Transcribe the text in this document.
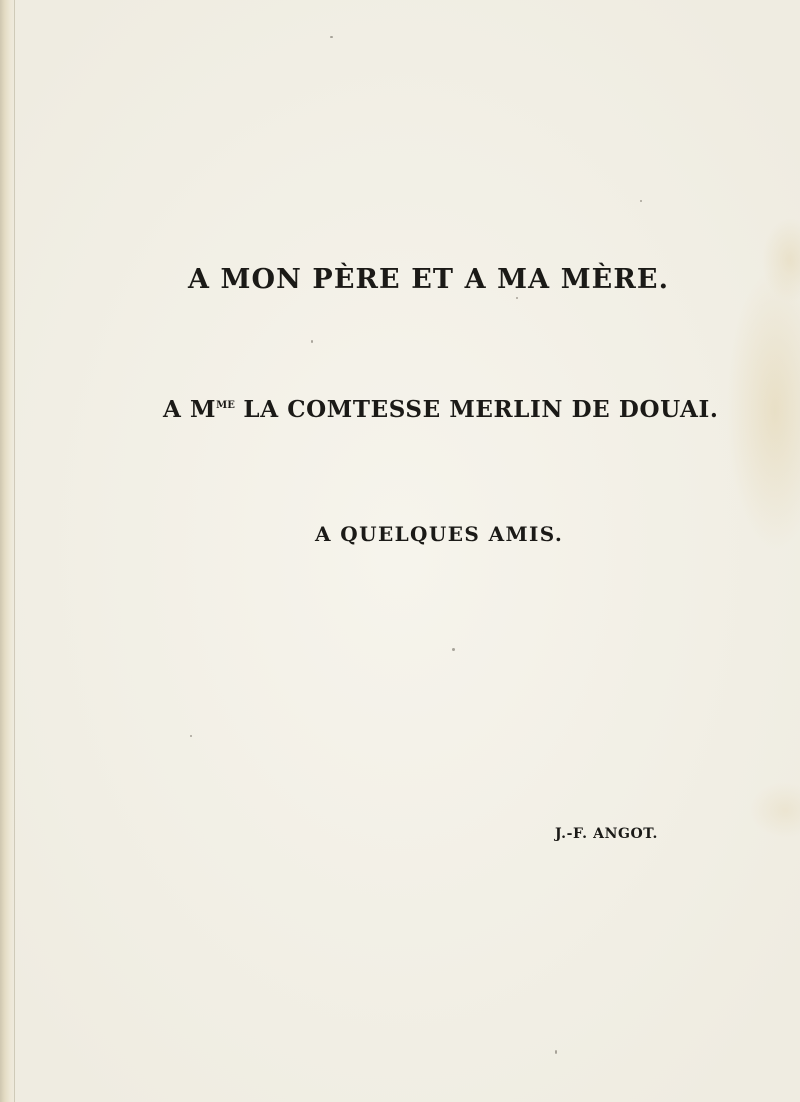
A MON PÈRE ET A MA MÈRE.

A $M^{ME}$ LA COMTESSE MERLIN DE DOUAI.

A QUELQUES AMIS.

J.-F. ANGOT.
